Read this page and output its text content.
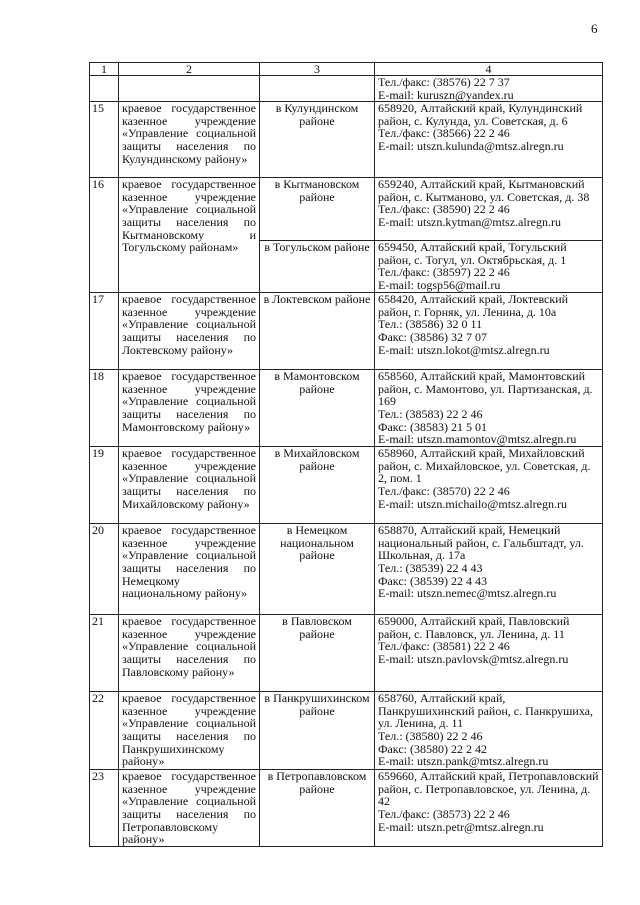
6
1	2	3	4
			Тел./факс: (38576) 22 7 37
E-mail: kuruszn@yandex.ru
15	краевое государственное казенное учреждение «Управление социальной защиты населения по Кулундинскому району»	в Кулундинском районе	658920, Алтайский край, Кулундинский район, с. Кулунда, ул. Советская, д. 6
Тел./факс: (38566) 22 2 46
E-mail: utszn.kulunda@mtsz.alregn.ru
16	краевое государственное казенное учреждение «Управление социальной защиты населения по Кытмановскому и Тогульскому районам»	в Кытмановском районе	659240, Алтайский край, Кытмановский район, с. Кытманово, ул. Советская, д. 38
Тел./факс: (38590) 22 2 46
E-mail: utszn.kytman@mtsz.alregn.ru
		в Тогульском районе	659450, Алтайский край, Тогульский район, с. Тогул, ул. Октябрьская, д. 1
Тел./факс: (38597) 22 2 46
E-mail: togsp56@mail.ru
17	краевое государственное казенное учреждение «Управление социальной защиты населения по Локтевскому району»	в Локтевском районе	658420, Алтайский край, Локтевский район, г. Горняк, ул. Ленина, д. 10а
Тел.: (38586) 32 0 11
Факс: (38586) 32 7 07
E-mail: utszn.lokot@mtsz.alregn.ru
18	краевое государственное казенное учреждение «Управление социальной защиты населения по Мамонтовскому району»	в Мамонтовском районе	658560, Алтайский край, Мамонтовский район, с. Мамонтово, ул. Партизанская, д. 169
Тел.: (38583) 22 2 46
Факс: (38583) 21 5 01
E-mail: utszn.mamontov@mtsz.alregn.ru
19	краевое государственное казенное учреждение «Управление социальной защиты населения по Михайловскому району»	в Михайловском районе	658960, Алтайский край, Михайловский район, с. Михайловское, ул. Советская, д. 2, пом. 1
Тел./факс: (38570) 22 2 46
E-mail: utszn.michailo@mtsz.alregn.ru
20	краевое государственное казенное учреждение «Управление социальной защиты населения по Немецкому национальному району»	в Немецком национальном районе	658870, Алтайский край, Немецкий национальный район, с. Гальбштадт, ул. Школьная, д. 17а
Тел.: (38539) 22 4 43
Факс: (38539) 22 4 43
E-mail: utszn.nemec@mtsz.alregn.ru
21	краевое государственное казенное учреждение «Управление социальной защиты населения по Павловскому району»	в Павловском районе	659000, Алтайский край, Павловский район, с. Павловск, ул. Ленина, д. 11
Тел./факс: (38581) 22 2 46
E-mail: utszn.pavlovsk@mtsz.alregn.ru
22	краевое государственное казенное учреждение «Управление социальной защиты населения по Панкрушихинскому району»	в Панкрушихинском районе	658760, Алтайский край, Панкрушихинский район, с. Панкрушиха, ул. Ленина, д. 11
Тел.: (38580) 22 2 46
Факс: (38580) 22 2 42
E-mail: utszn.pank@mtsz.alregn.ru
23	краевое государственное казенное учреждение «Управление социальной защиты населения по Петропавловскому району»	в Петропавловском районе	659660, Алтайский край, Петропавловский район, с. Петропавловское, ул. Ленина, д. 42
Тел./факс: (38573) 22 2 46
E-mail: utszn.petr@mtsz.alregn.ru
